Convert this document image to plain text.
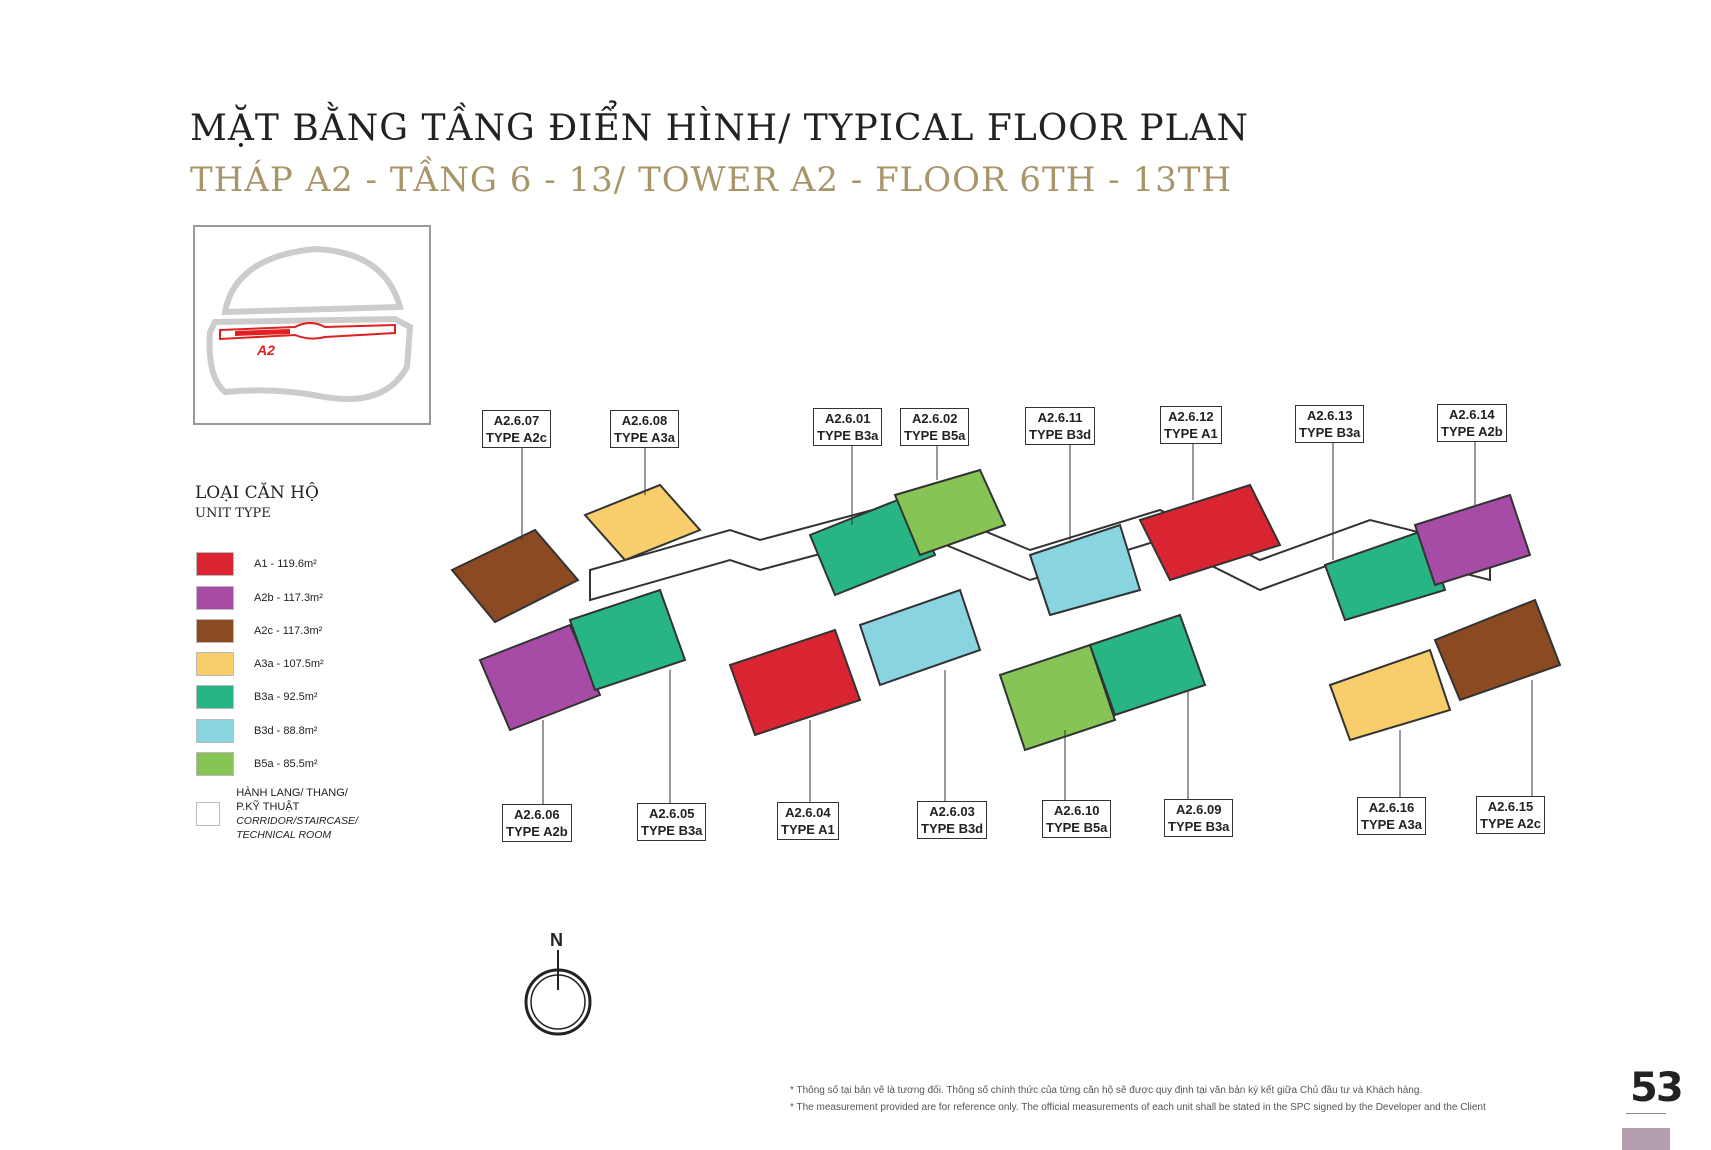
MẶT BẰNG TẦNG ĐIỂN HÌNH/ TYPICAL FLOOR PLAN
THÁP A2 - TẦNG 6 - 13/ TOWER A2 - FLOOR 6TH - 13TH
A2
LOẠI CĂN HỘ
UNIT TYPE
A1 - 119.6m²
A2b - 117.3m²
A2c - 117.3m²
A3a - 107.5m²
B3a - 92.5m²
B3d - 88.8m²
B5a - 85.5m²
HÀNH LANG/ THANG/ P.KỸ THUẬT
CORRIDOR/STAIRCASE/ TECHNICAL ROOM
A2.6.07
TYPE A2c
A2.6.08
TYPE A3a
A2.6.01
TYPE B3a
A2.6.02
TYPE B5a
A2.6.11
TYPE B3d
A2.6.12
TYPE A1
A2.6.13
TYPE B3a
A2.6.14
TYPE A2b
A2.6.06
TYPE A2b
A2.6.05
TYPE B3a
A2.6.04
TYPE A1
A2.6.03
TYPE B3d
A2.6.10
TYPE B5a
A2.6.09
TYPE B3a
A2.6.16
TYPE A3a
A2.6.15
TYPE A2c
N
* Thông số tại bản vẽ là tương đối. Thông số chính thức của từng căn hộ sẽ được quy định tại văn bản ký kết giữa Chủ đầu tư và Khách hàng.
* The measurement provided are for reference only. The official measurements of each unit shall be stated in the SPC signed by the Developer and the Client	53
